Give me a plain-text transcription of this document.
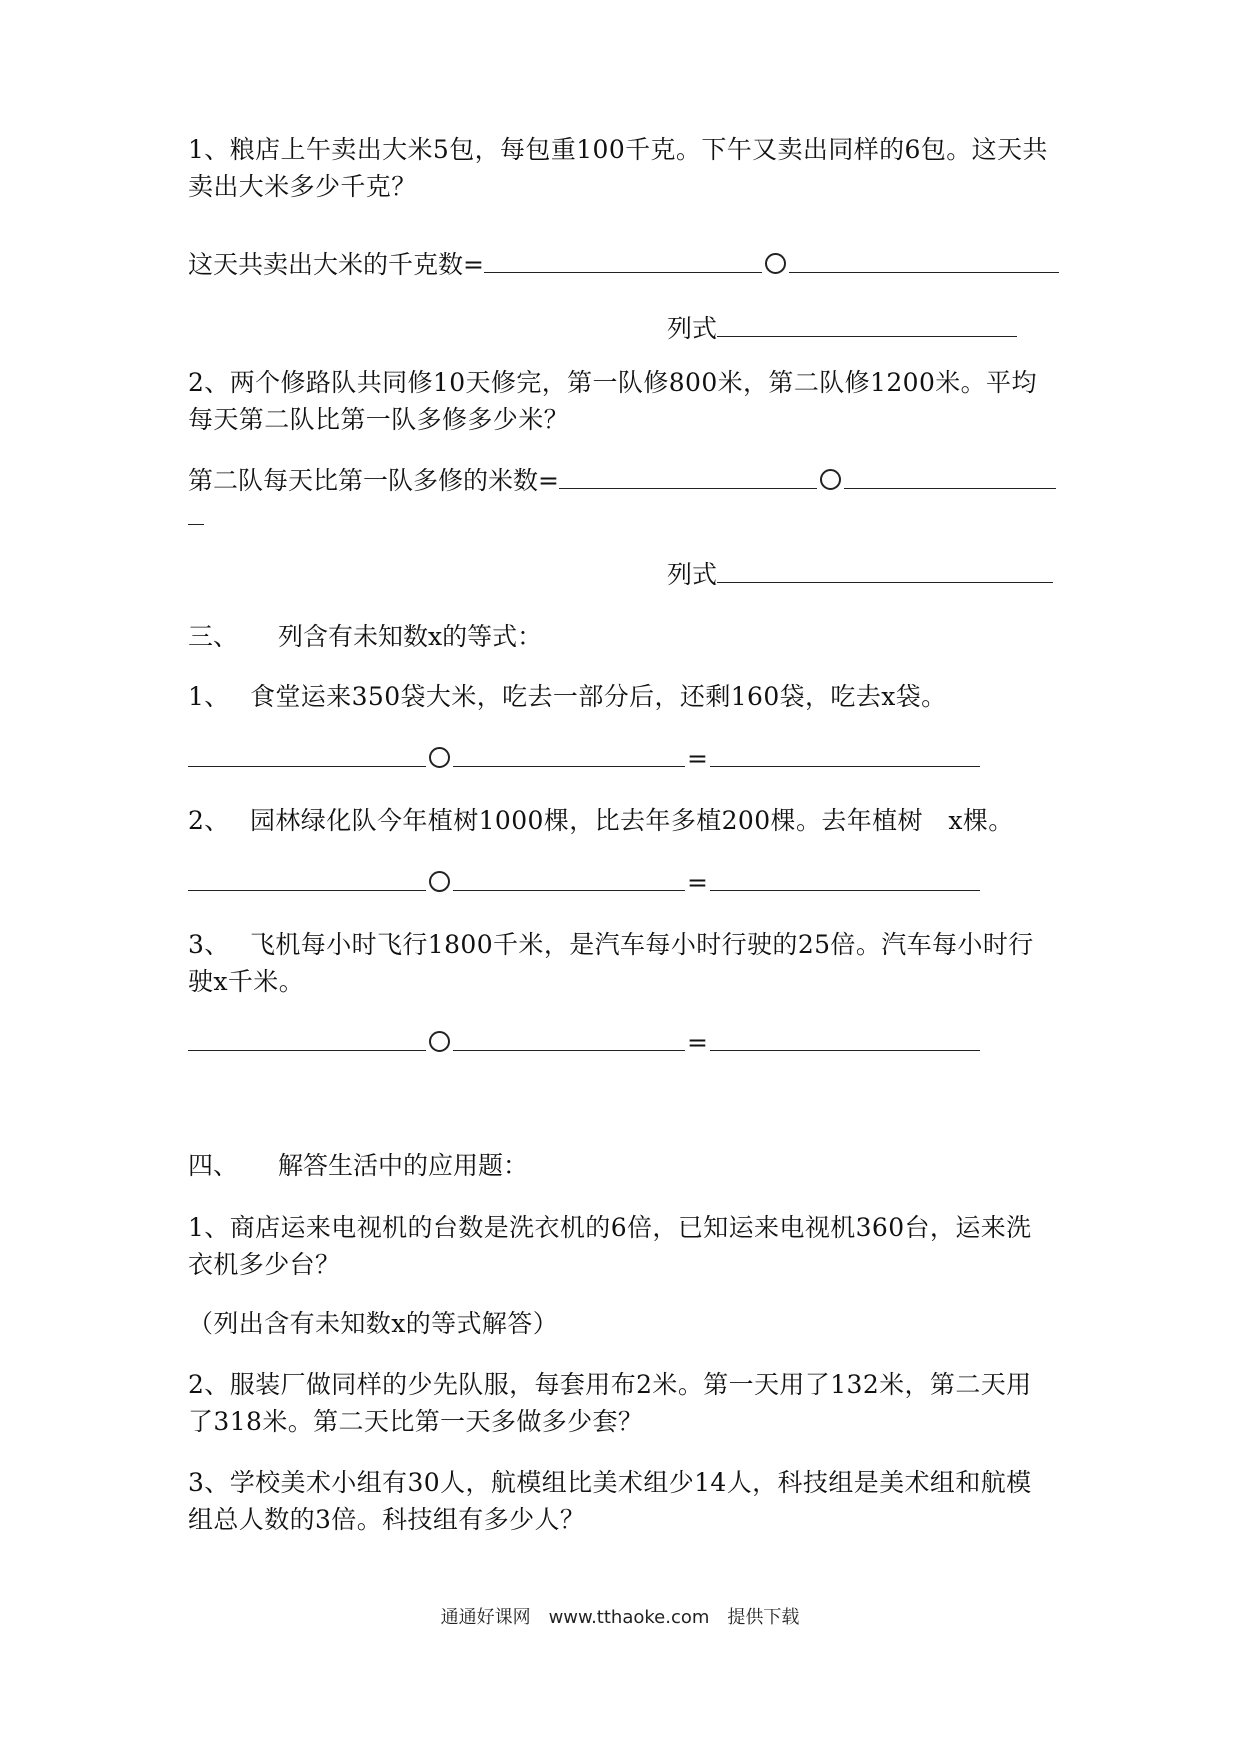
1、粮店上午卖出大米5包，每包重100千克。下午又卖出同样的6包。这天共卖出大米多少千克？
这天共卖出大米的千克数=
列式
2、两个修路队共同修10天修完，第一队修800米，第二队修1200米。平均每天第二队比第一队多修多少米？
第二队每天比第一队多修的米数=
列式
三、 列含有未知数x的等式：
1、 食堂运来350袋大米，吃去一部分后，还剩160袋，吃去x袋。
=
2、 园林绿化队今年植树1000棵，比去年多植200棵。去年植树　x棵。
=
3、 飞机每小时飞行1800千米，是汽车每小时行驶的25倍。汽车每小时行驶x千米。
=
四、 解答生活中的应用题：
1、商店运来电视机的台数是洗衣机的6倍，已知运来电视机360台，运来洗衣机多少台？
（列出含有未知数x的等式解答）
2、服装厂做同样的少先队服，每套用布2米。第一天用了132米，第二天用了318米。第二天比第一天多做多少套？
3、学校美术小组有30人，航模组比美术组少14人，科技组是美术组和航模组总人数的3倍。科技组有多少人？
通通好课网　www.tthaoke.com　提供下载
